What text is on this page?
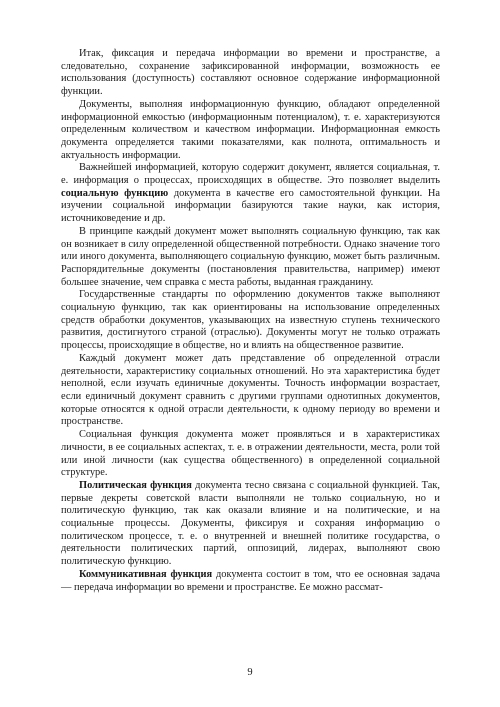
Итак, фиксация и передача информации во времени и пространстве, а следовательно, сохранение зафиксированной информации, возможность ее использования (доступность) составляют основное содержание информационной функции.

Документы, выполняя информационную функцию, обладают определенной информационной емкостью (информационным потенциалом), т. е. характеризуются определенным количеством и качеством информации. Информационная емкость документа определяется такими показателями, как полнота, оптимальность и актуальность информации.

Важнейшей информацией, которую содержит документ, является социальная, т. е. информация о процессах, происходящих в обществе. Это позволяет выделить социальную функцию документа в качестве его самостоятельной функции. На изучении социальной информации базируются такие науки, как история, источниковедение и др.

В принципе каждый документ может выполнять социальную функцию, так как он возникает в силу определенной общественной потребности. Однако значение того или иного документа, выполняющего социальную функцию, может быть различным. Распорядительные документы (постановления правительства, например) имеют большее значение, чем справка с места работы, выданная гражданину.

Государственные стандарты по оформлению документов также выполняют социальную функцию, так как ориентированы на использование определенных средств обработки документов, указывающих на известную ступень технического развития, достигнутого страной (отраслью). Документы могут не только отражать процессы, происходящие в обществе, но и влиять на общественное развитие.

Каждый документ может дать представление об определенной отрасли деятельности, характеристику социальных отношений. Но эта характеристика будет неполной, если изучать единичные документы. Точность информации возрастает, если единичный документ сравнить с другими группами однотипных документов, которые относятся к одной отрасли деятельности, к одному периоду во времени и пространстве.

Социальная функция документа может проявляться и в характеристиках личности, в ее социальных аспектах, т. е. в отражении деятельности, места, роли той или иной личности (как существа общественного) в определенной социальной структуре.

Политическая функция документа тесно связана с социальной функцией. Так, первые декреты советской власти выполняли не только социальную, но и политическую функцию, так как оказали влияние и на политические, и на социальные процессы. Документы, фиксируя и сохраняя информацию о политическом процессе, т. е. о внутренней и внешней политике государства, о деятельности политических партий, оппозиций, лидерах, выполняют свою политическую функцию.

Коммуникативная функция документа состоит в том, что ее основная задача — передача информации во времени и пространстве. Ее можно рассмат-

9
